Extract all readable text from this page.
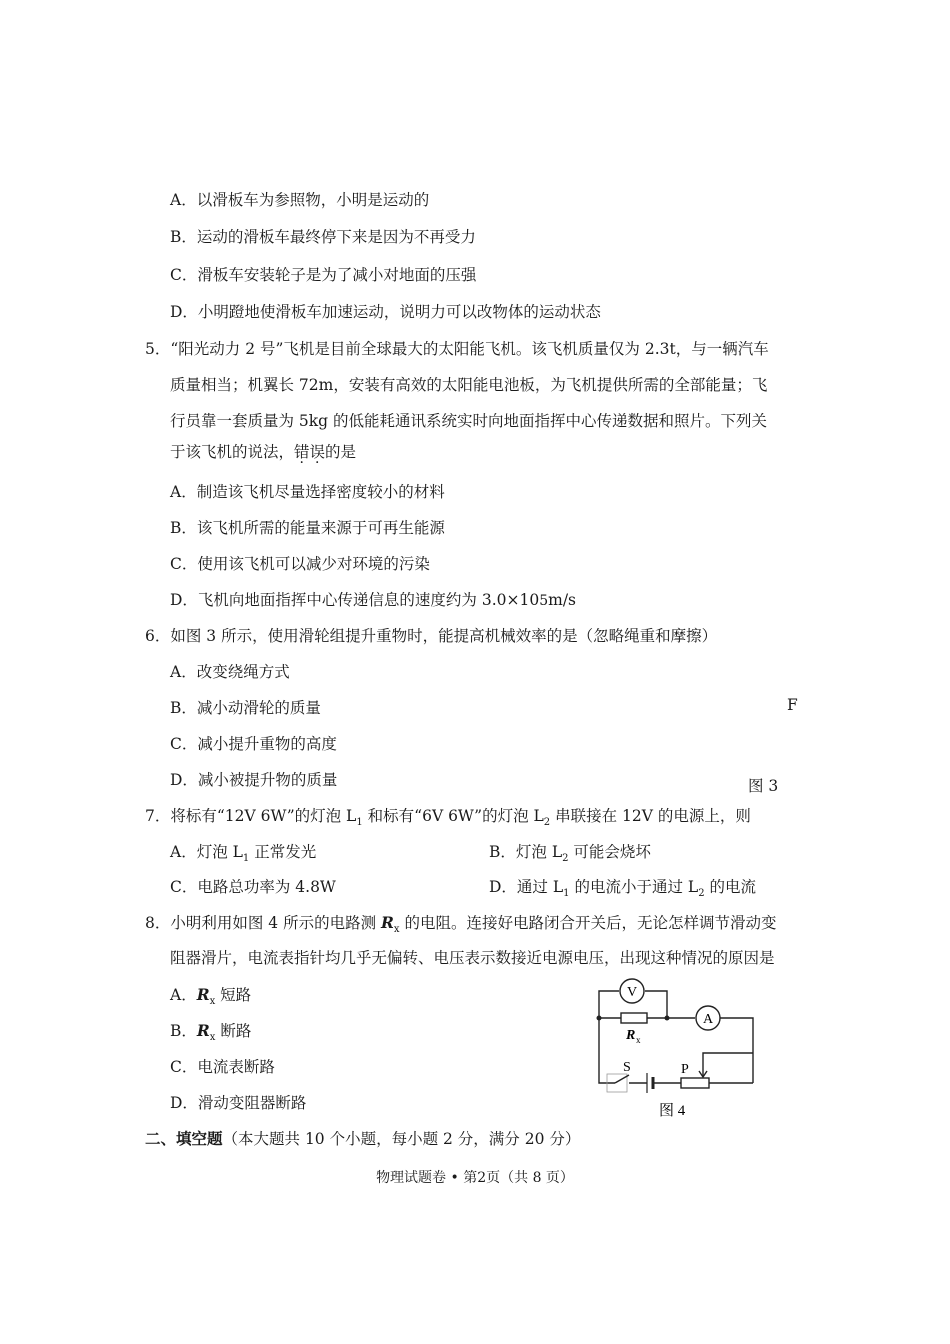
A．以滑板车为参照物，小明是运动的
B．运动的滑板车最终停下来是因为不再受力
C．滑板车安装轮子是为了减小对地面的压强
D．小明蹬地使滑板车加速运动，说明力可以改物体的运动状态
5．“阳光动力 2 号”飞机是目前全球最大的太阳能飞机。该飞机质量仅为 2.3t，与一辆汽车
质量相当；机翼长 72m，安装有高效的太阳能电池板，为飞机提供所需的全部能量；飞
行员靠一套质量为 5kg 的低能耗通讯系统实时向地面指挥中心传递数据和照片。下列关
于该飞机的说法，错误的是
A．制造该飞机尽量选择密度较小的材料
B．该飞机所需的能量来源于可再生能源
C．使用该飞机可以减少对环境的污染
D．飞机向地面指挥中心传递信息的速度约为 3.0×105m/s
6．如图 3 所示，使用滑轮组提升重物时，能提高机械效率的是（忽略绳重和摩擦）
A．改变绕绳方式
B．减小动滑轮的质量
C．减小提升重物的高度
D．减小被提升物的质量
F
图 3
7．将标有“12V 6W”的灯泡 $L_1$ 和标有“6V 6W”的灯泡 $L_2$ 串联接在 12V 的电源上，则
A．灯泡 $L_1$ 正常发光	B．灯泡 $L_2$ 可能会烧坏
C．电路总功率为 4.8W	D．通过 $L_1$ 的电流小于通过 $L_2$ 的电流
8．小明利用如图 4 所示的电路测 $R_x$ 的电阻。连接好电路闭合开关后，无论怎样调节滑动变
阻器滑片，电流表指针均几乎无偏转、电压表示数接近电源电压，出现这种情况的原因是
A．$R_x$ 短路
B．$R_x$ 断路
C．电流表断路
D．滑动变阻器断路
V
A
R x
S	P
图 4
二、填空题（本大题共 10 个小题，每小题 2 分，满分 20 分）
物理试题卷 • 第2页（共 8 页）
